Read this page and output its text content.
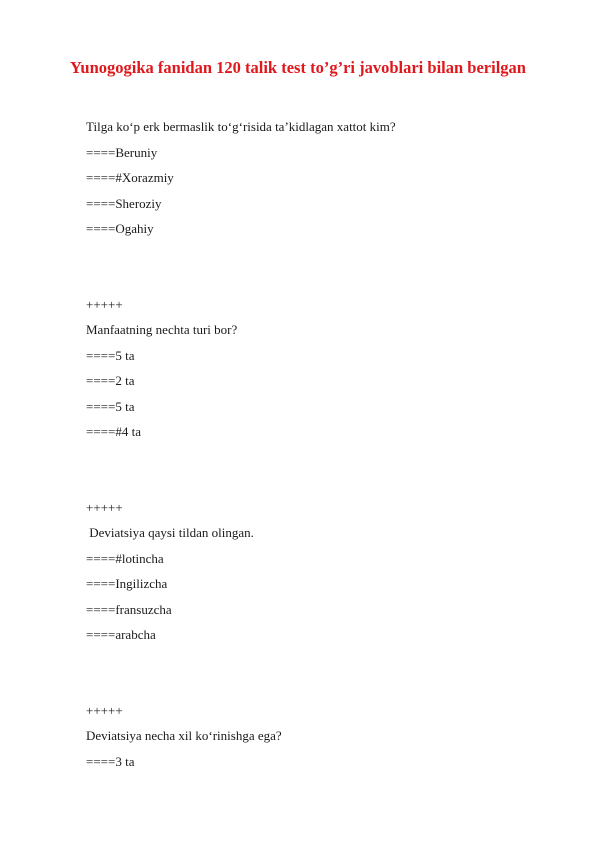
Yunogogika fanidan 120 talik test to’g’ri javoblari bilan berilgan
Tilga ko‘p erk bermaslik to‘g‘risida ta’kidlagan xattot kim?
====Beruniy
====#Xorazmiy
====Sheroziy
====Ogahiy
+++++
Manfaatning nechta turi bor?
====5 ta
====2 ta
====5 ta
====#4 ta
+++++
Deviatsiya qaysi tildan olingan.
====#lotincha
====Ingilizcha
====fransuzcha
====arabcha
+++++
Deviatsiya necha xil ko‘rinishga ega?
====3 ta
